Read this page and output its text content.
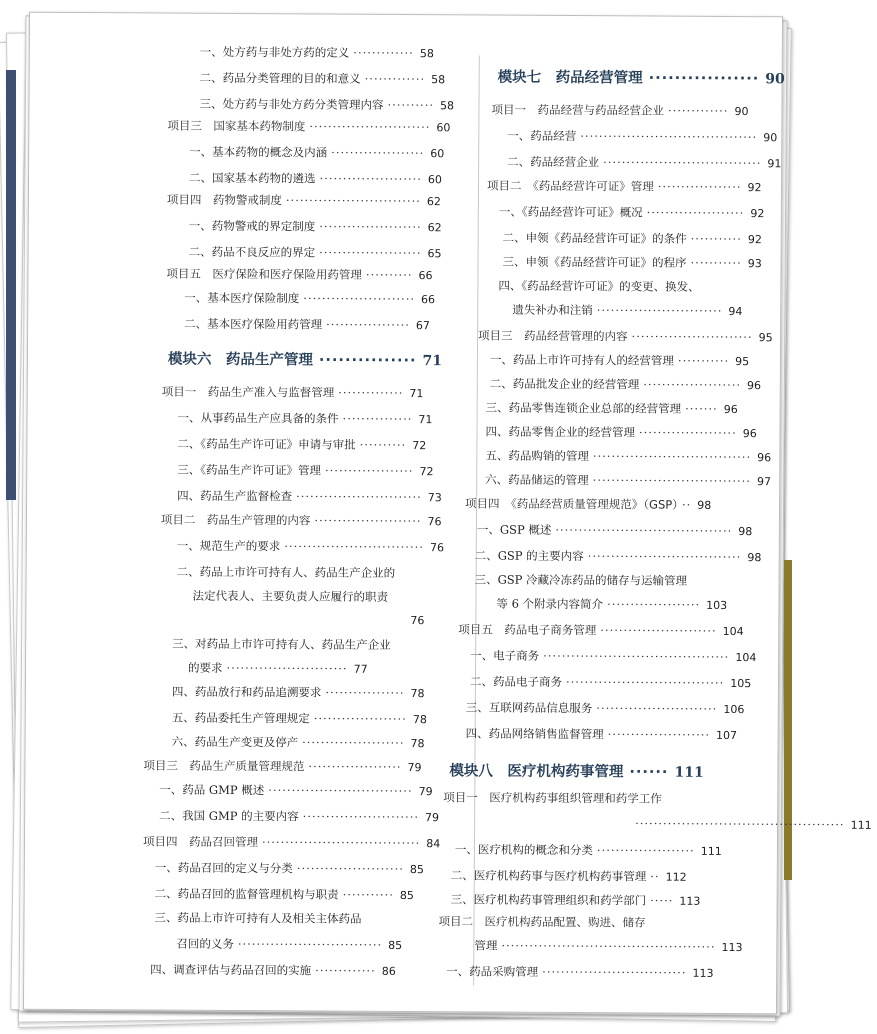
一、处方药与非处方药的定义 ············· 58
二、药品分类管理的目的和意义 ············· 58
三、处方药与非处方药分类管理内容 ·········· 58
项目三　国家基本药物制度 ·························· 60
一、基本药物的概念及内涵 ···················· 60
二、国家基本药物的遴选 ······················ 60
项目四　药物警戒制度 ····························· 62
一、药物警戒的界定制度 ······················ 62
二、药品不良反应的界定 ······················ 65
项目五　医疗保险和医疗保险用药管理 ·········· 66
一、基本医疗保险制度 ························ 66
二、基本医疗保险用药管理 ·················· 67
模块六　药品生产管理 ··············· 71
项目一　药品生产准入与监督管理 ·············· 71
一、从事药品生产应具备的条件 ··············· 71
二、《药品生产许可证》申请与审批 ·········· 72
三、《药品生产许可证》管理 ··················· 72
四、药品生产监督检查 ··························· 73
项目二　药品生产管理的内容 ······················· 76
一、规范生产的要求 ······························ 76
二、药品上市许可持有人、药品生产企业的
法定代表人、主要负责人应履行的职责
76
三、对药品上市许可持有人、药品生产企业
的要求 ·························· 77
四、药品放行和药品追溯要求 ················· 78
五、药品委托生产管理规定 ···················· 78
六、药品生产变更及停产 ······················ 78
项目三　药品生产质量管理规范 ···················· 79
一、药品 GMP 概述 ······························· 79
二、我国 GMP 的主要内容 ························· 79
项目四　药品召回管理 ·································· 84
一、药品召回的定义与分类 ······················· 85
二、药品召回的监督管理机构与职责 ··········· 85
三、药品上市许可持有人及相关主体药品
召回的义务 ······························· 85
四、调查评估与药品召回的实施 ············· 86
模块七　药品经营管理 ················· 90
项目一　药品经营与药品经营企业 ············· 90
一、药品经营 ······································ 90
二、药品经营企业 ·································· 91
项目二　《药品经营许可证》管理 ·················· 92
一、《药品经营许可证》概况 ····················· 92
二、申领《药品经营许可证》的条件 ··········· 92
三、申领《药品经营许可证》的程序 ··········· 93
四、《药品经营许可证》的变更、换发、
遗失补办和注销 ··························· 94
项目三　药品经营管理的内容 ·························· 95
一、药品上市许可持有人的经营管理 ··········· 95
二、药品批发企业的经营管理 ····················· 96
三、药品零售连锁企业总部的经营管理 ······· 96
四、药品零售企业的经营管理 ····················· 96
五、药品购销的管理 ·································· 96
六、药品储运的管理 ·································· 97
项目四　《药品经营质量管理规范》（GSP） ·· 98
一、GSP 概述 ······································ 98
二、GSP 的主要内容 ································· 98
三、GSP 冷藏冷冻药品的储存与运输管理
等 6 个附录内容简介 ···················· 103
项目五　药品电子商务管理 ························· 104
一、电子商务 ········································ 104
二、药品电子商务 ·································· 105
三、互联网药品信息服务 ·························· 106
四、药品网络销售监督管理 ······················ 107
模块八　医疗机构药事管理 ······ 111
项目一　医疗机构药事组织管理和药学工作
············································· 111
一、医疗机构的概念和分类 ····················· 111
二、医疗机构药事与医疗机构药事管理 ·· 112
三、医疗机构药事管理组织和药学部门 ····· 113
项目二　医疗机构药品配置、购进、储存
管理 ·············································· 113
一、药品采购管理 ······························· 113
